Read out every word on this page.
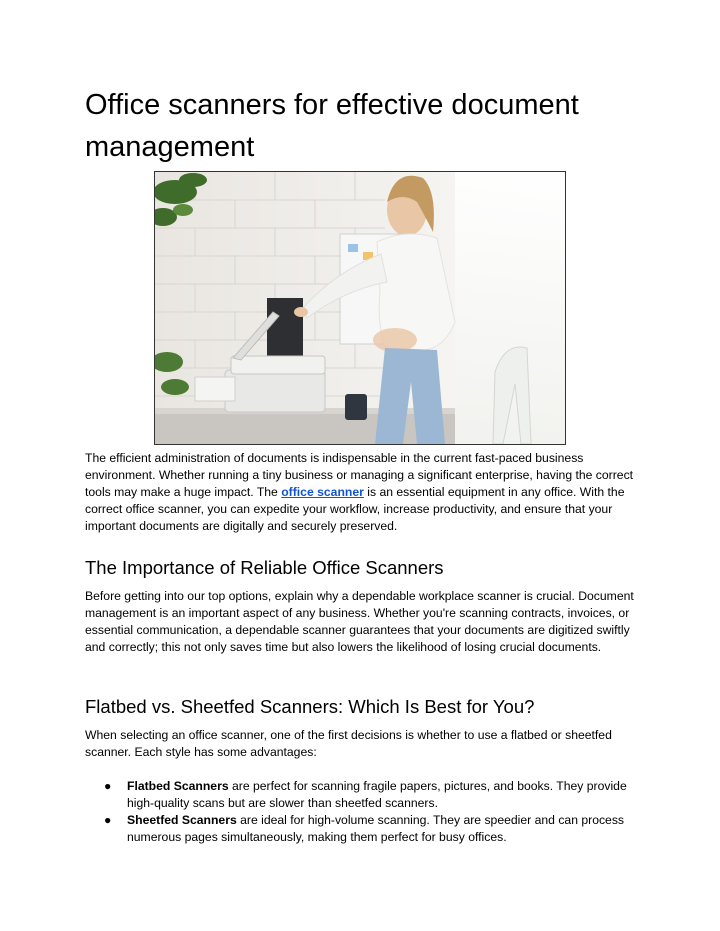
Office scanners for effective document management

The efficient administration of documents is indispensable in the current fast-paced business environment. Whether running a tiny business or managing a significant enterprise, having the correct tools may make a huge impact. The office scanner is an essential equipment in any office. With the correct office scanner, you can expedite your workflow, increase productivity, and ensure that your important documents are digitally and securely preserved.

The Importance of Reliable Office Scanners

Before getting into our top options, explain why a dependable workplace scanner is crucial. Document management is an important aspect of any business. Whether you're scanning contracts, invoices, or essential communication, a dependable scanner guarantees that your documents are digitized swiftly and correctly; this not only saves time but also lowers the likelihood of losing crucial documents.

Flatbed vs. Sheetfed Scanners: Which Is Best for You?

When selecting an office scanner, one of the first decisions is whether to use a flatbed or sheetfed scanner. Each style has some advantages:

● Flatbed Scanners are perfect for scanning fragile papers, pictures, and books. They provide high-quality scans but are slower than sheetfed scanners.
● Sheetfed Scanners are ideal for high-volume scanning. They are speedier and can process numerous pages simultaneously, making them perfect for busy offices.
